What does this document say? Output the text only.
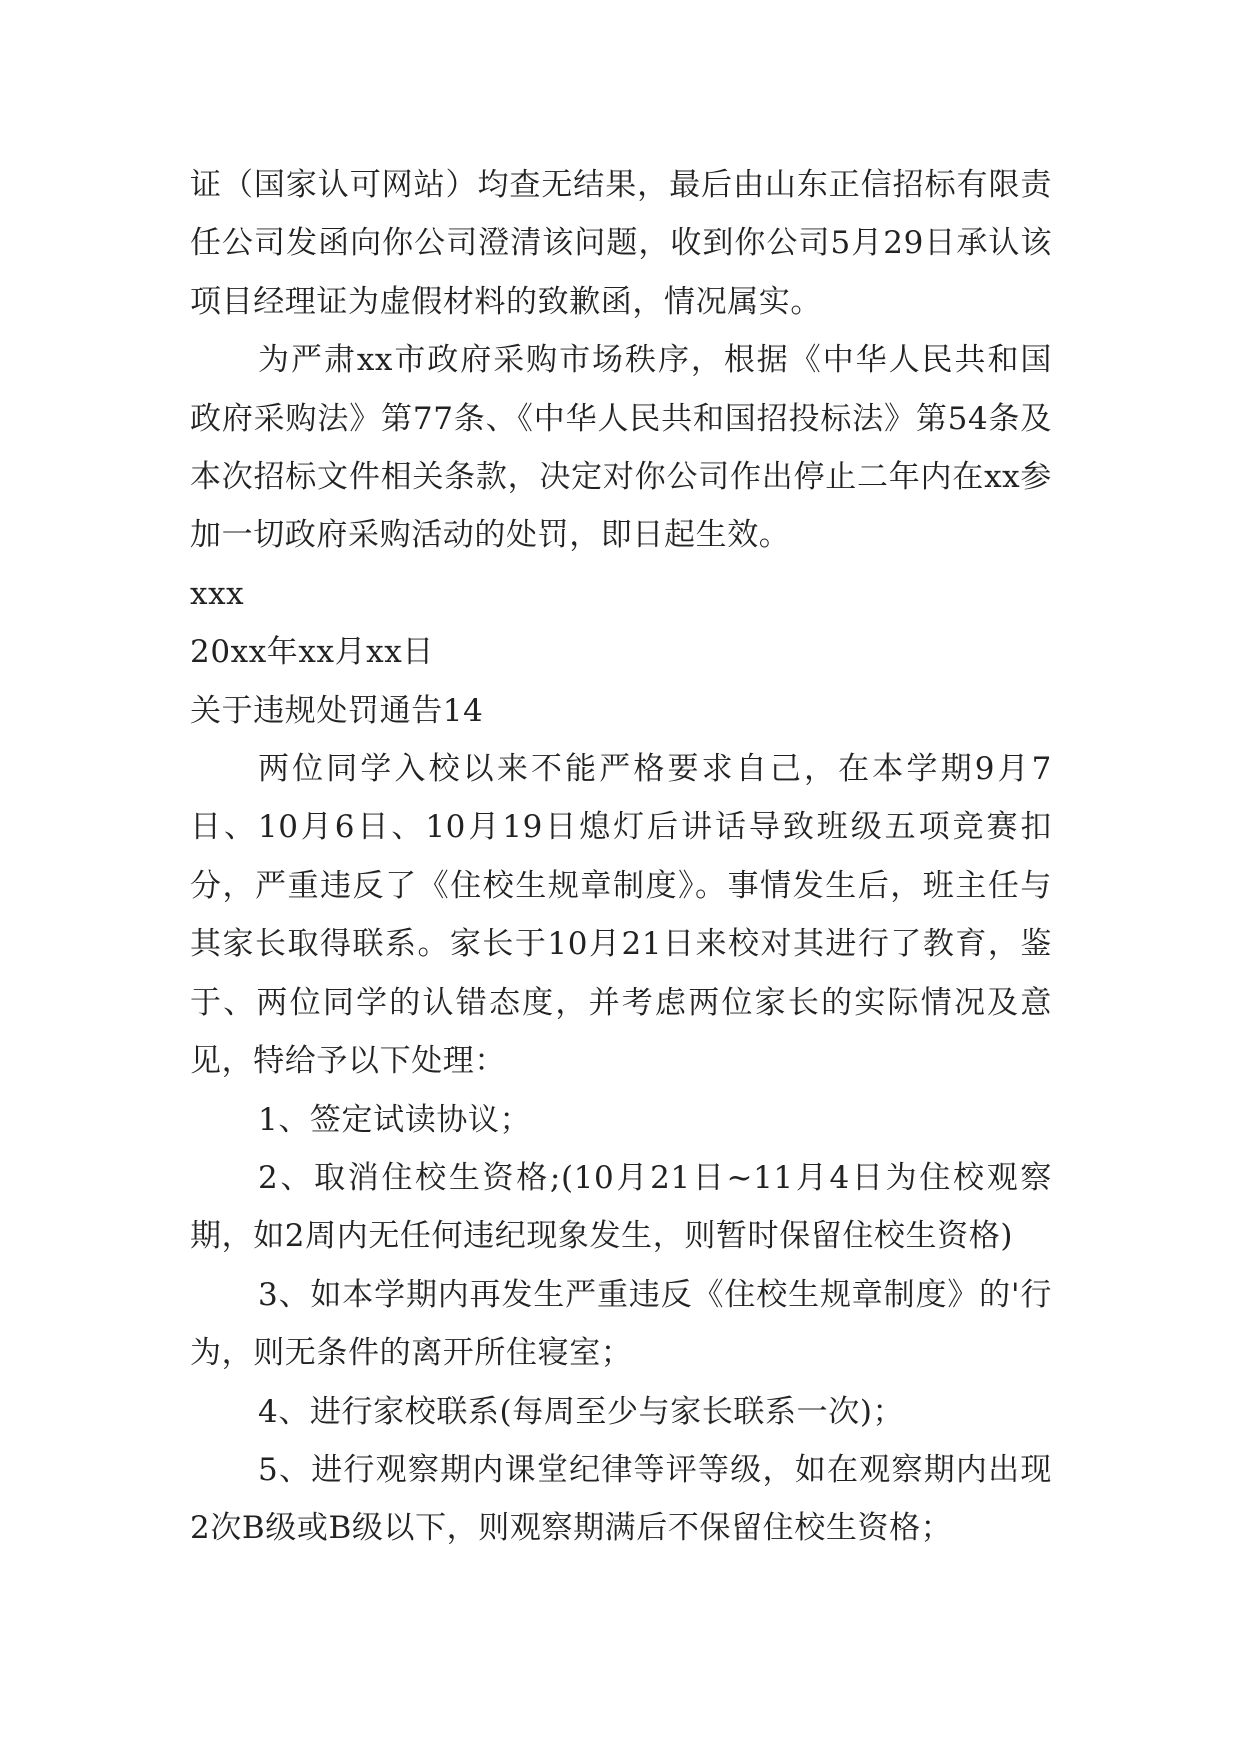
证（国家认可网站）均查无结果，最后由山东正信招标有限责任公司发函向你公司澄清该问题，收到你公司5月29日承认该项目经理证为虚假材料的致歉函，情况属实。

为严肃xx市政府采购市场秩序，根据《中华人民共和国政府采购法》第77条、《中华人民共和国招投标法》第54条及本次招标文件相关条款，决定对你公司作出停止二年内在xx参加一切政府采购活动的处罚，即日起生效。

xxx

20xx年xx月xx日

关于违规处罚通告14

两位同学入校以来不能严格要求自己，在本学期9月7日、10月6日、10月19日熄灯后讲话导致班级五项竞赛扣分，严重违反了《住校生规章制度》。事情发生后，班主任与其家长取得联系。家长于10月21日来校对其进行了教育，鉴于、两位同学的认错态度，并考虑两位家长的实际情况及意见，特给予以下处理：

1、签定试读协议；

2、取消住校生资格;(10月21日~11月4日为住校观察期，如2周内无任何违纪现象发生，则暂时保留住校生资格)

3、如本学期内再发生严重违反《住校生规章制度》的'行为，则无条件的离开所住寝室；

4、进行家校联系(每周至少与家长联系一次)；

5、进行观察期内课堂纪律等评等级，如在观察期内出现2次B级或B级以下，则观察期满后不保留住校生资格；
